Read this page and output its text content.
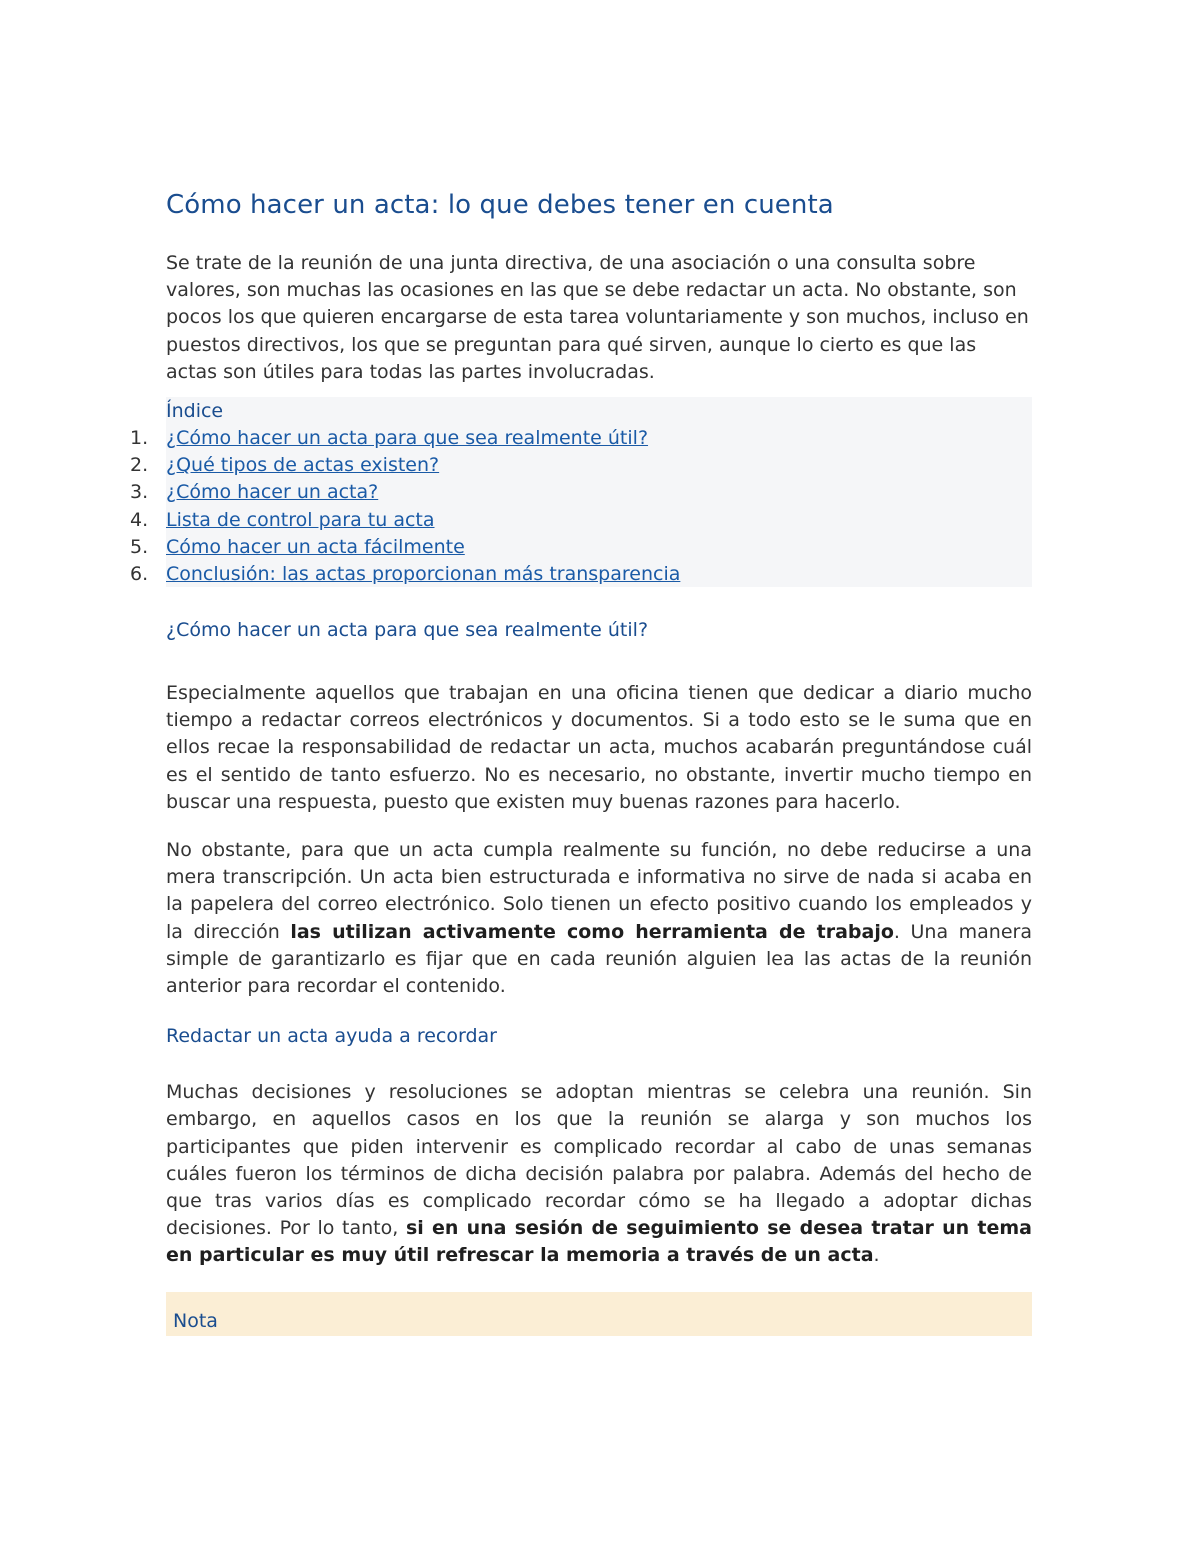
Cómo hacer un acta: lo que debes tener en cuenta

Se trate de la reunión de una junta directiva, de una asociación o una consulta sobre valores, son muchas las ocasiones en las que se debe redactar un acta. No obstante, son pocos los que quieren encargarse de esta tarea voluntariamente y son muchos, incluso en puestos directivos, los que se preguntan para qué sirven, aunque lo cierto es que las actas son útiles para todas las partes involucradas.

Índice
1. ¿Cómo hacer un acta para que sea realmente útil?
2. ¿Qué tipos de actas existen?
3. ¿Cómo hacer un acta?
4. Lista de control para tu acta
5. Cómo hacer un acta fácilmente
6. Conclusión: las actas proporcionan más transparencia
¿Cómo hacer un acta para que sea realmente útil?

Especialmente aquellos que trabajan en una oficina tienen que dedicar a diario mucho tiempo a redactar correos electrónicos y documentos. Si a todo esto se le suma que en ellos recae la responsabilidad de redactar un acta, muchos acabarán preguntándose cuál es el sentido de tanto esfuerzo. No es necesario, no obstante, invertir mucho tiempo en buscar una respuesta, puesto que existen muy buenas razones para hacerlo.

No obstante, para que un acta cumpla realmente su función, no debe reducirse a una mera transcripción. Un acta bien estructurada e informativa no sirve de nada si acaba en la papelera del correo electrónico. Solo tienen un efecto positivo cuando los empleados y la dirección las utilizan activamente como herramienta de trabajo. Una manera simple de garantizarlo es fijar que en cada reunión alguien lea las actas de la reunión anterior para recordar el contenido.

Redactar un acta ayuda a recordar

Muchas decisiones y resoluciones se adoptan mientras se celebra una reunión. Sin embargo, en aquellos casos en los que la reunión se alarga y son muchos los participantes que piden intervenir es complicado recordar al cabo de unas semanas cuáles fueron los términos de dicha decisión palabra por palabra. Además del hecho de que tras varios días es complicado recordar cómo se ha llegado a adoptar dichas decisiones. Por lo tanto, si en una sesión de seguimiento se desea tratar un tema en particular es muy útil refrescar la memoria a través de un acta.

Nota
